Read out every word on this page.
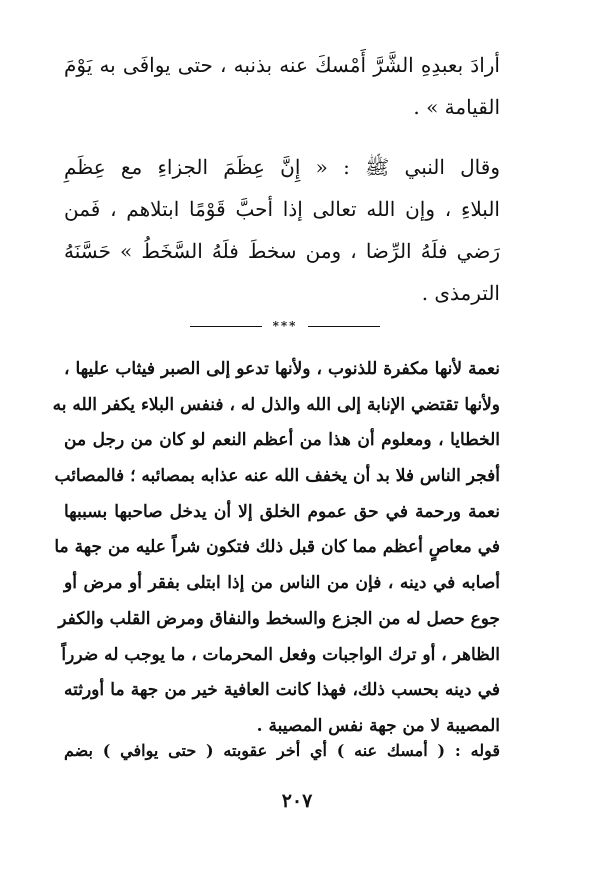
أرادَ بعبدِهِ الشَّرَّ أَمْسكَ عنه بذنبه ، حتى يوافَى به يَوْمَ
القيامة » .
وقال النبي ﷺ : « إِنَّ عِظَمَ الجزاءِ مع عِظَمِ
البلاءِ ، وإن الله تعالى إذا أحبَّ قَوْمًا ابتلاهم ، فَمن
رَضي فلَهُ الرِّضا ، ومن سخطَ فلَهُ السَّخَطُ » حَسَّنَهُ
الترمذى .
***
نعمة لأنها مكفرة للذنوب ، ولأنها تدعو إلى الصبر فيثاب عليها ،
ولأنها تقتضي الإنابة إلى الله والذل له ، فنفس البلاء يكفر الله به
الخطايا ، ومعلوم أن هذا من أعظم النعم لو كان من رجل من
أفجر الناس فلا بد أن يخفف الله عنه عذابه بمصائبه ؛ فالمصائب
نعمة ورحمة في حق عموم الخلق إلا أن يدخل صاحبها بسببها
في معاصٍ أعظم مما كان قبل ذلك فتكون شراً عليه من جهة ما
أصابه في دينه ، فإن من الناس من إذا ابتلى بفقر أو مرض أو
جوع حصل له من الجزع والسخط والنفاق ومرض القلب والكفر
الظاهر ، أو ترك الواجبات وفعل المحرمات ، ما يوجب له ضرراً
في دينه بحسب ذلك، فهذا كانت العافية خير من جهة ما أورثته
المصيبة لا من جهة نفس المصيبة .
قوله : ( أمسك عنه ) أي أخر عقوبته ( حتى يوافي ) بضم
٢٠٧
